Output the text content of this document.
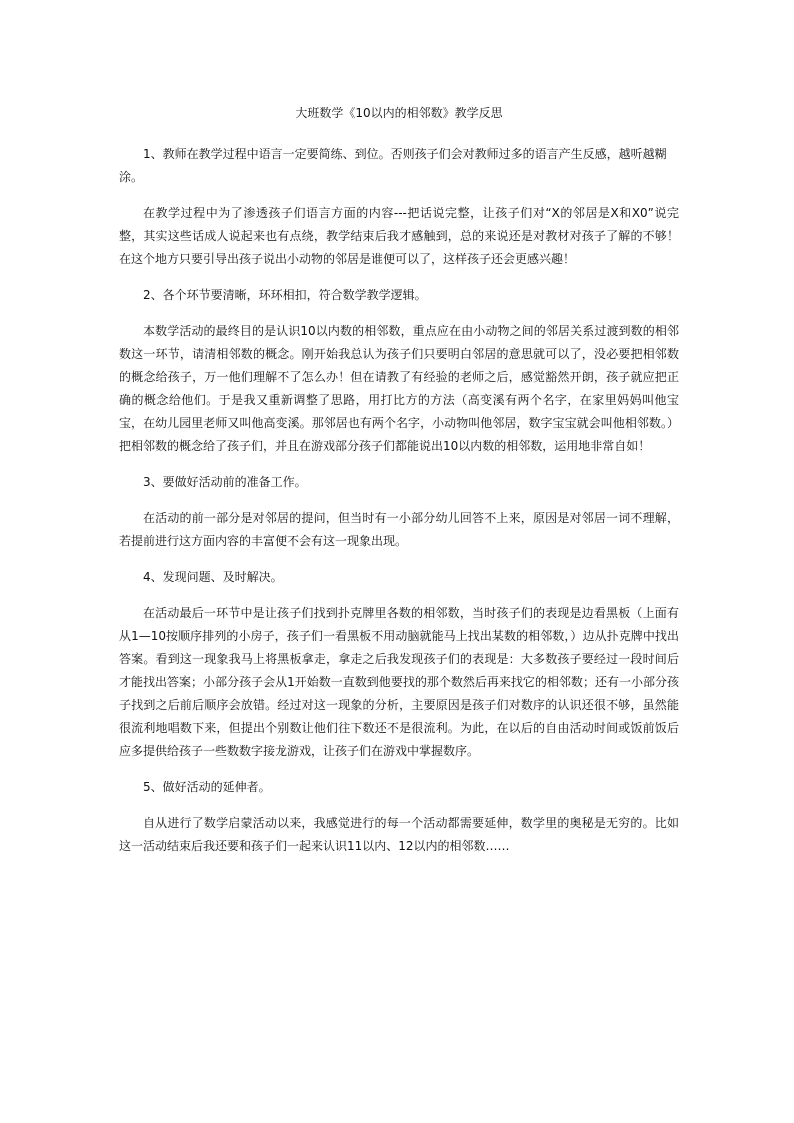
大班数学《10以内的相邻数》教学反思

1、教师在教学过程中语言一定要简练、到位。否则孩子们会对教师过多的语言产生反感，越听越糊涂。

在教学过程中为了渗透孩子们语言方面的内容---把话说完整，让孩子们对“X的邻居是X和X0”说完整，其实这些话成人说起来也有点绕，教学结束后我才感触到，总的来说还是对教材对孩子了解的不够！在这个地方只要引导出孩子说出小动物的邻居是谁便可以了，这样孩子还会更感兴趣！

2、各个环节要清晰，环环相扣，符合数学教学逻辑。

本数学活动的最终目的是认识10以内数的相邻数，重点应在由小动物之间的邻居关系过渡到数的相邻数这一环节，请清相邻数的概念。刚开始我总认为孩子们只要明白邻居的意思就可以了，没必要把相邻数的概念给孩子，万一他们理解不了怎么办！但在请教了有经验的老师之后，感觉豁然开朗，孩子就应把正确的概念给他们。于是我又重新调整了思路，用打比方的方法（高变溪有两个名字，在家里妈妈叫他宝宝，在幼儿园里老师又叫他高变溪。那邻居也有两个名字，小动物叫他邻居，数字宝宝就会叫他相邻数。）把相邻数的概念给了孩子们，并且在游戏部分孩子们都能说出10以内数的相邻数，运用地非常自如！

3、要做好活动前的准备工作。

在活动的前一部分是对邻居的提问，但当时有一小部分幼儿回答不上来，原因是对邻居一词不理解，若提前进行这方面内容的丰富便不会有这一现象出现。

4、发现问题、及时解决。

在活动最后一环节中是让孩子们找到扑克牌里各数的相邻数，当时孩子们的表现是边看黑板（上面有从1—10按顺序排列的小房子，孩子们一看黑板不用动脑就能马上找出某数的相邻数，）边从扑克牌中找出答案。看到这一现象我马上将黑板拿走，拿走之后我发现孩子们的表现是：大多数孩子要经过一段时间后才能找出答案；小部分孩子会从1开始数一直数到他要找的那个数然后再来找它的相邻数；还有一小部分孩子找到之后前后顺序会放错。经过对这一现象的分析，主要原因是孩子们对数序的认识还很不够，虽然能很流利地唱数下来，但提出个别数让他们往下数还不是很流利。为此，在以后的自由活动时间或饭前饭后应多提供给孩子一些数数字接龙游戏，让孩子们在游戏中掌握数序。

5、做好活动的延伸者。

自从进行了数学启蒙活动以来，我感觉进行的每一个活动都需要延伸，数学里的奥秘是无穷的。比如这一活动结束后我还要和孩子们一起来认识11以内、12以内的相邻数……
